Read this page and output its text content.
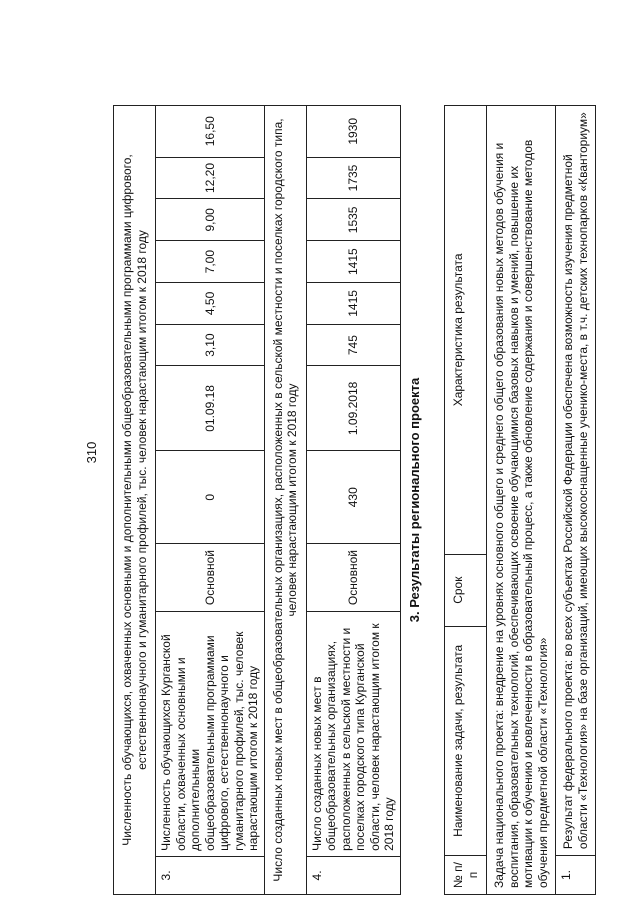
310 Численность обучающихся, охваченных основными и дополнительными общеобразовательными программами цифрового, естественнонаучного и гуманитарного профилей, тыс. человек нарастающим итогом к 2018 году										
3.	Численность обучающихся Курганской области, охваченных основными и дополнительными общеобразовательными программами цифрового, естественнонаучного и гуманитарного профилей, тыс. человек нарастающим итогом к 2018 году	Основной	0	01.09.18	3,10	4,50	7,00	9,00	12,20	16,50
Число созданных новых мест в общеобразовательных организациях, расположенных в сельской местности и поселках городского типа, человек нарастающим итогом к 2018 году										
4.	Число созданных новых мест в общеобразовательных организациях, расположенных в сельской местности и поселках городского типа Курганской области, человек нарастающим итогом к 2018 году	Основной	430	1.09.2018	745	1415	1415	1535	1735	1930
3. Результаты регионального проекта
№ п/п	Наименование задачи, результата	Срок	Характеристика результата
Задача национального проекта: внедрение на уровнях основного общего и среднего общего образования новых методов обучения и воспитания, образовательных технологий, обеспечивающих освоение обучающимися базовых навыков и умений, повышение их мотивации к обучению и вовлеченности в образовательный процесс, а также обновление содержания и совершенствование методов обучения предметной области «Технология»			
1.	Результат федерального проекта: во всех субъектах Российской Федерации обеспечена возможность изучения предметной области «Технология» на базе организаций, имеющих высокооснащенные ученико-места, в т.ч. детских технопарков «Кванториум»		
